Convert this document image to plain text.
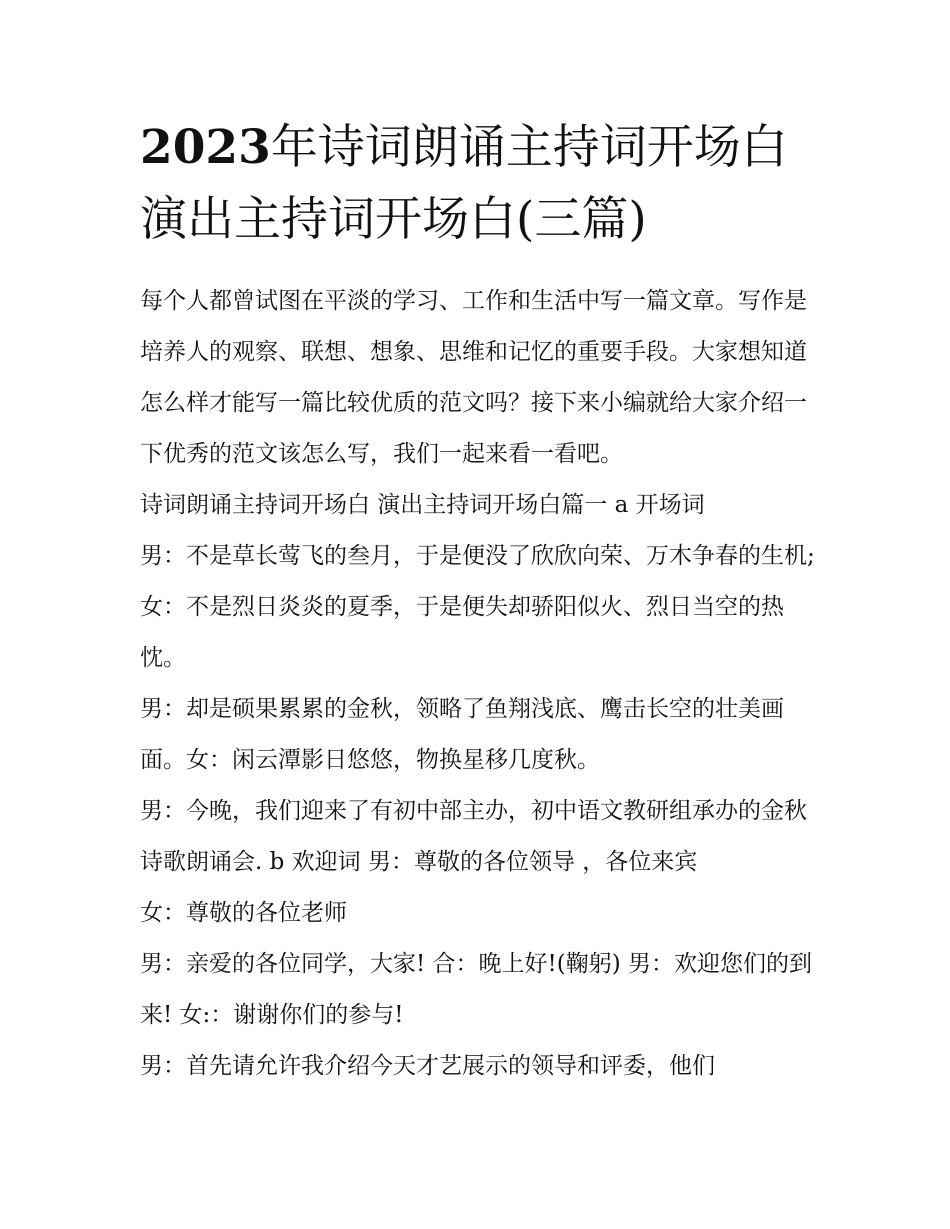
2023年诗词朗诵主持词开场白
演出主持词开场白(三篇)

每个人都曾试图在平淡的学习、工作和生活中写一篇文章。写作是培养人的观察、联想、想象、思维和记忆的重要手段。大家想知道怎么样才能写一篇比较优质的范文吗？接下来小编就给大家介绍一下优秀的范文该怎么写，我们一起来看一看吧。

诗词朗诵主持词开场白 演出主持词开场白篇一 a 开场词

男：不是草长莺飞的叁月，于是便没了欣欣向荣、万木争春的生机;女：不是烈日炎炎的夏季，于是便失却骄阳似火、烈日当空的热忱。

男：却是硕果累累的金秋，领略了鱼翔浅底、鹰击长空的壮美画面。女：闲云潭影日悠悠，物换星移几度秋。

男：今晚，我们迎来了有初中部主办，初中语文教研组承办的金秋诗歌朗诵会. b 欢迎词 男：尊敬的各位领导 ，各位来宾

女：尊敬的各位老师

男：亲爱的各位同学，大家! 合：晚上好!(鞠躬) 男：欢迎您们的到来! 女:：谢谢你们的参与!

男：首先请允许我介绍今天才艺展示的领导和评委，他们
